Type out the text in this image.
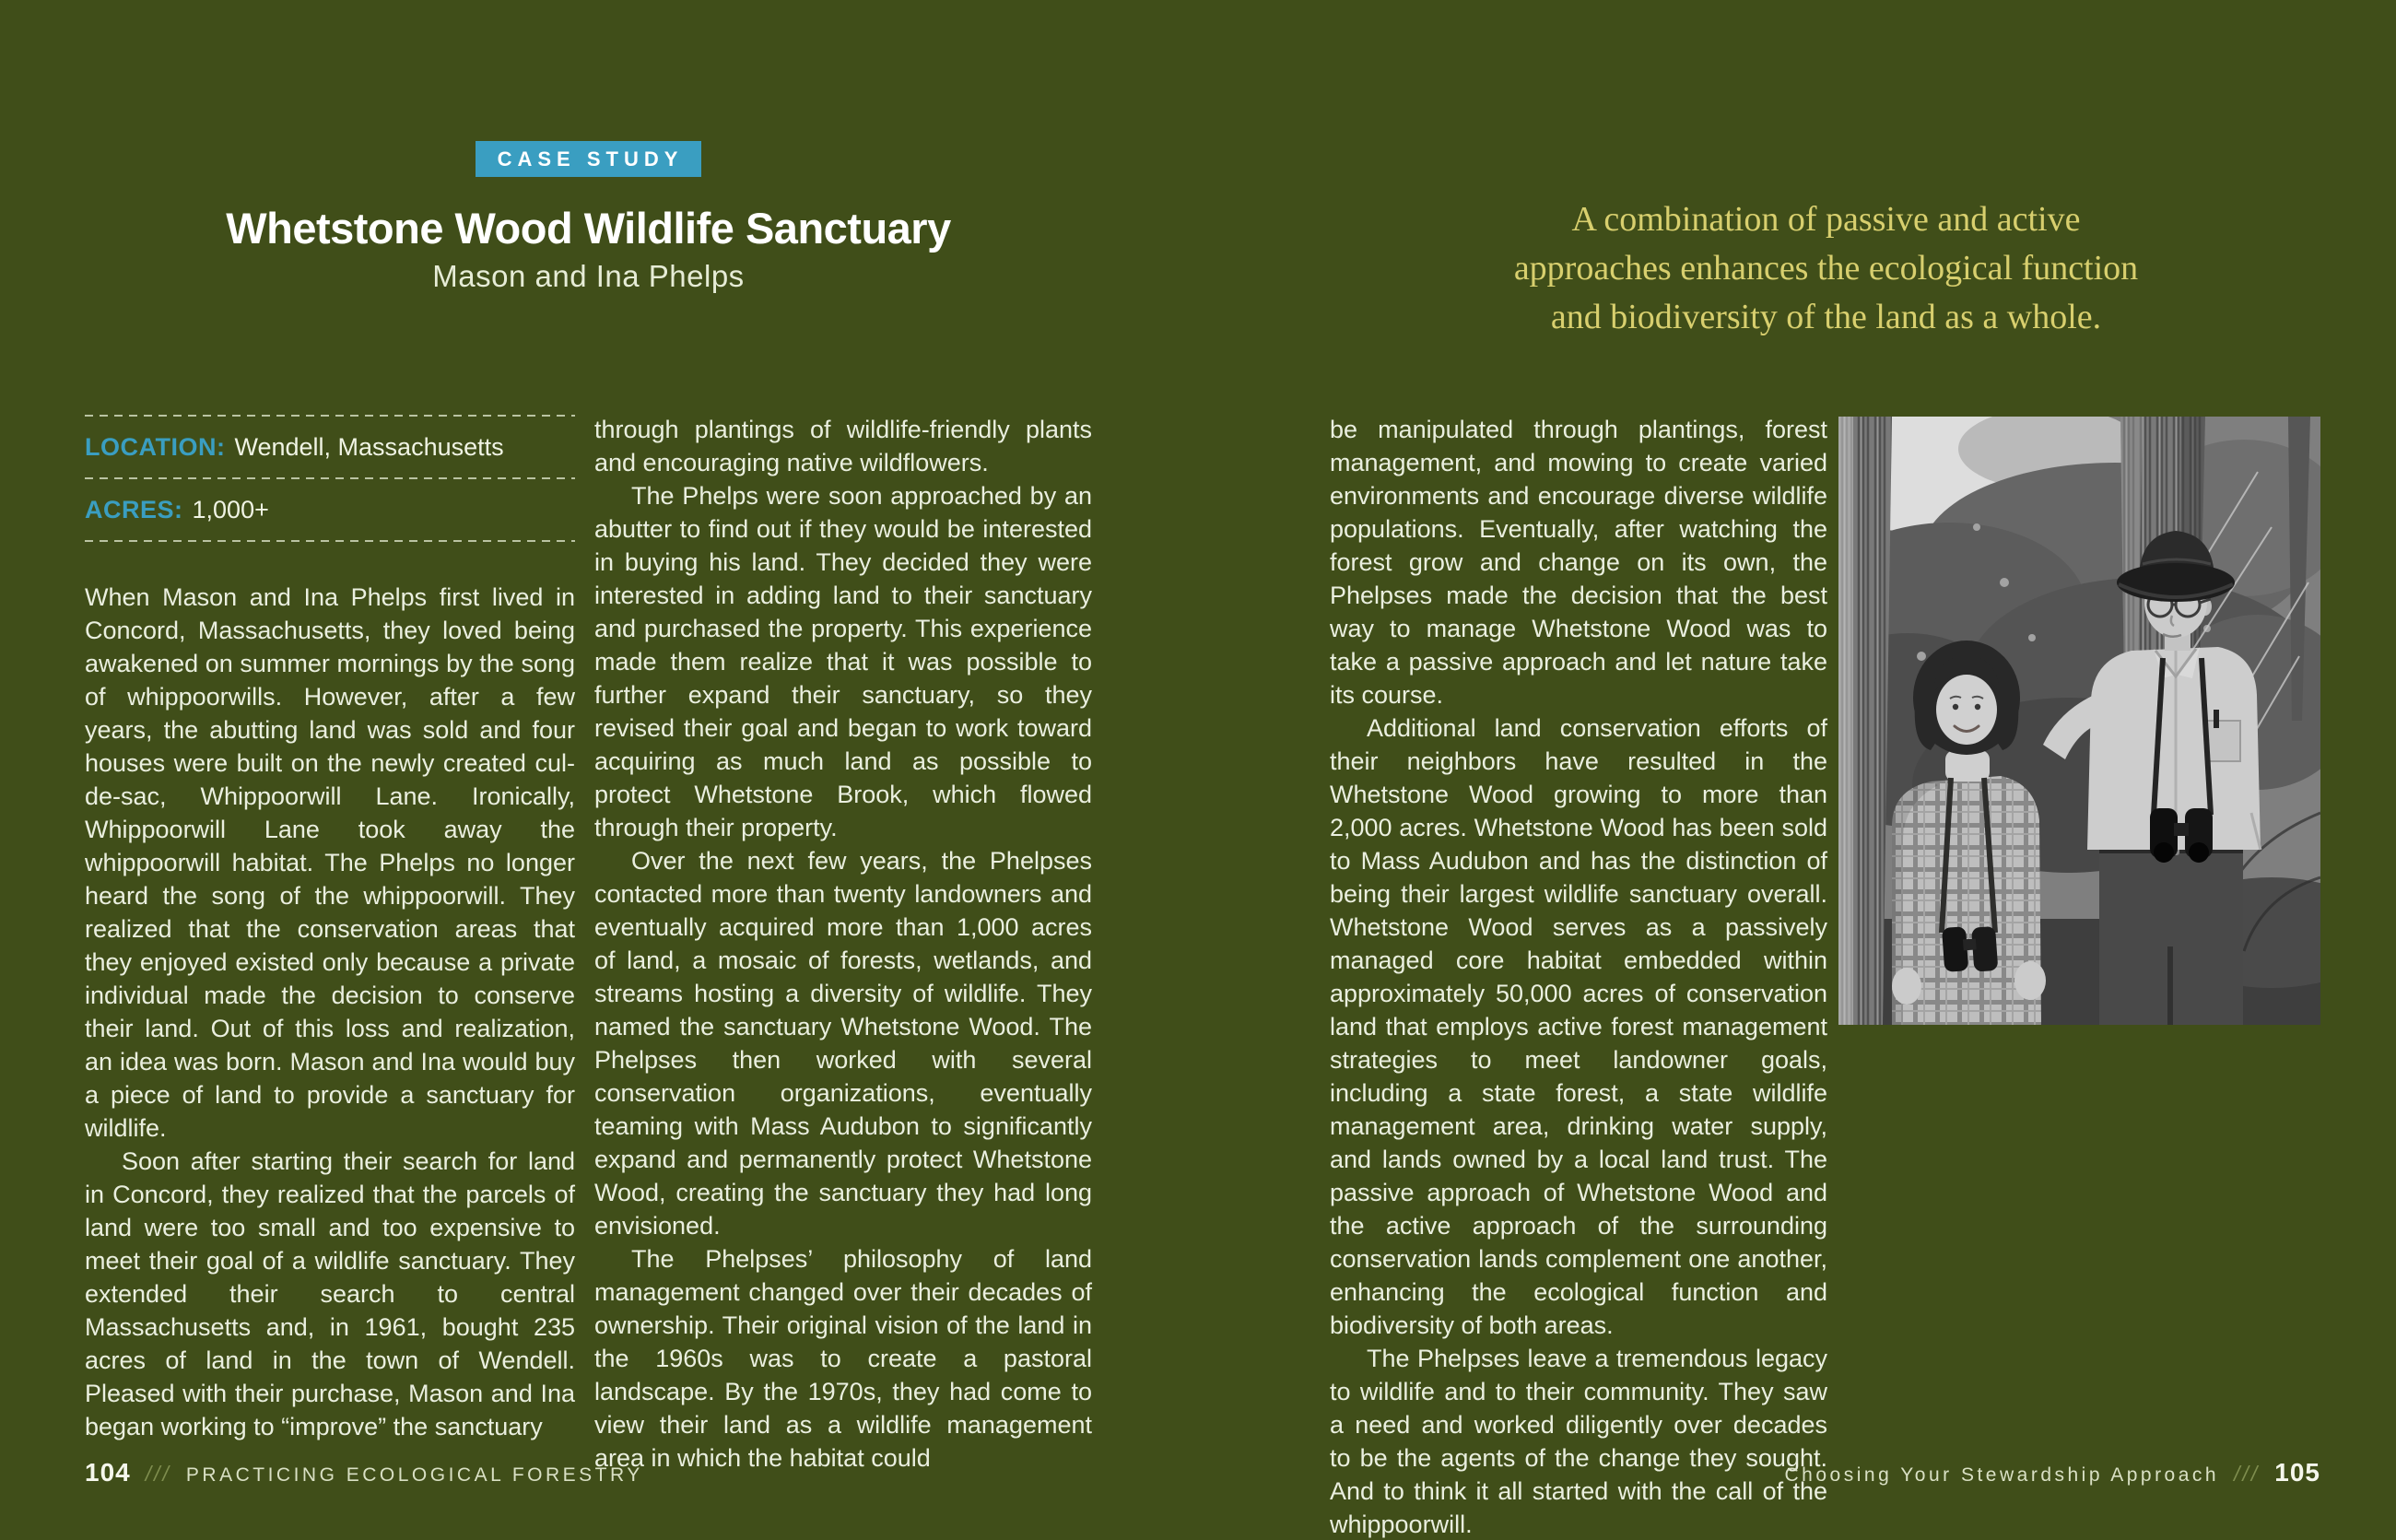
CASE STUDY
Whetstone Wood Wildlife Sanctuary
Mason and Ina Phelps
A combination of passive and active
approaches enhances the ecological function
and biodiversity of the land as a whole.
LOCATION: Wendell, Massachusetts
ACRES: 1,000+

When Mason and Ina Phelps first lived in Concord, Massachusetts, they loved being awakened on summer mornings by the song of whippoorwills. However, after a few years, the abutting land was sold and four houses were built on the newly created cul-de-sac, Whippoorwill Lane. Ironically, Whippoorwill Lane took away the whippoorwill habitat. The Phelps no longer heard the song of the whippoorwill. They realized that the conservation areas that they enjoyed existed only because a private individual made the decision to conserve their land. Out of this loss and realization, an idea was born. Mason and Ina would buy a piece of land to provide a sanctuary for wildlife.

Soon after starting their search for land in Concord, they realized that the parcels of land were too small and too expensive to meet their goal of a wildlife sanctuary. They extended their search to central Massachusetts and, in 1961, bought 235 acres of land in the town of Wendell. Pleased with their purchase, Mason and Ina began working to “improve” the sanctuary

through plantings of wildlife-friendly plants and encouraging native wildflowers.

The Phelps were soon approached by an abutter to find out if they would be interested in buying his land. They decided they were interested in adding land to their sanctuary and purchased the property. This experience made them realize that it was possible to further expand their sanctuary, so they revised their goal and began to work toward acquiring as much land as possible to protect Whetstone Brook, which flowed through their property.

Over the next few years, the Phelpses contacted more than twenty landowners and eventually acquired more than 1,000 acres of land, a mosaic of forests, wetlands, and streams hosting a diversity of wildlife. They named the sanctuary Whetstone Wood. The Phelpses then worked with several conservation organizations, eventually teaming with Mass Audubon to significantly expand and permanently protect Whetstone Wood, creating the sanctuary they had long envisioned.

The Phelpses’ philosophy of land management changed over their decades of ownership. Their original vision of the land in the 1960s was to create a pastoral landscape. By the 1970s, they had come to view their land as a wildlife management area in which the habitat could

be manipulated through plantings, forest management, and mowing to create varied environments and encourage diverse wildlife populations. Eventually, after watching the forest grow and change on its own, the Phelpses made the decision that the best way to manage Whetstone Wood was to take a passive approach and let nature take its course.

Additional land conservation efforts of their neighbors have resulted in the Whetstone Wood growing to more than 2,000 acres. Whetstone Wood has been sold to Mass Audubon and has the distinction of being their largest wildlife sanctuary overall. Whetstone Wood serves as a passively managed core habitat embedded within approximately 50,000 acres of conservation land that employs active forest management strategies to meet landowner goals, including a state forest, a state wildlife management area, drinking water supply, and lands owned by a local land trust. The passive approach of Whetstone Wood and the active approach of the surrounding conservation lands complement one another, enhancing the ecological function and biodiversity of both areas.

The Phelpses leave a tremendous legacy to wildlife and to their community. They saw a need and worked diligently over decades to be the agents of the change they sought. And to think it all started with the call of the whippoorwill.

104 /// PRACTICING ECOLOGICAL FORESTRY	Choosing Your Stewardship Approach /// 105
